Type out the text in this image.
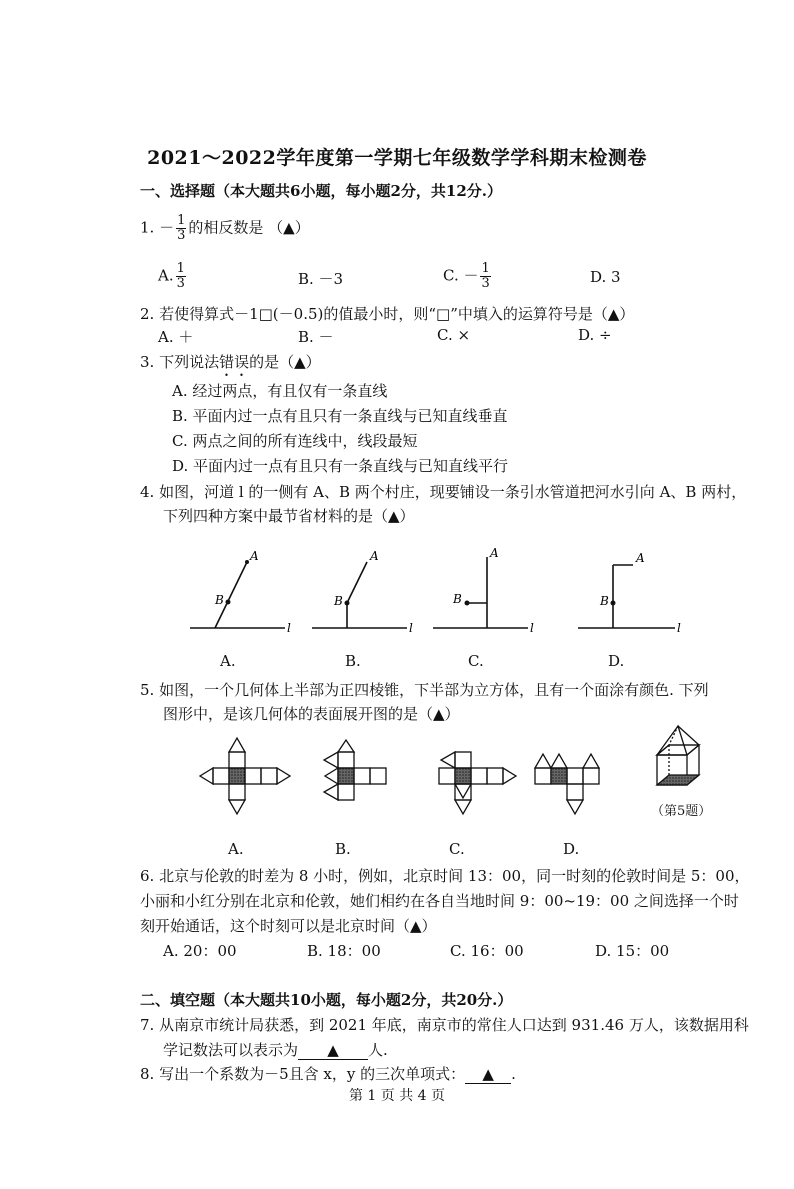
2021～2022学年度第一学期七年级数学学科期末检测卷
一、选择题（本大题共6小题，每小题2分，共12分.）
1. － $\frac{1}{3}$ 的相反数是 （▲）
A. $\frac{1}{3}$	B. －3	C. － $\frac{1}{3}$	D. 3
2. 若使得算式－1□(－0.5)的值最小时，则“□”中填入的运算符号是（▲）
A. ＋	B. －	C. ×	D. ÷
3. 下列说法错误的是（▲）
A. 经过两点，有且仅有一条直线
B. 平面内过一点有且只有一条直线与已知直线垂直
C. 两点之间的所有连线中，线段最短
D. 平面内过一点有且只有一条直线与已知直线平行
4. 如图，河道 l 的一侧有 A、B 两个村庄，现要铺设一条引水管道把河水引向 A、B 两村，
下列四种方案中最节省材料的是（▲）
A
B
l
A
B
l
A
B
l
A
B
l
A.	B.	C.	D.
5. 如图，一个几何体上半部为正四棱锥，下半部为立方体，且有一个面涂有颜色. 下列
图形中，是该几何体的表面展开图的是（▲）
（第5题）
A.	B.	C.	D.
6. 北京与伦敦的时差为 8 小时，例如，北京时间 13：00，同一时刻的伦敦时间是 5：00，
小丽和小红分别在北京和伦敦，她们相约在各自当地时间 9：00~19：00 之间选择一个时
刻开始通话，这个时刻可以是北京时间（▲）
A. 20：00	B. 18：00	C. 16：00	D. 15：00
二、填空题（本大题共10小题，每小题2分，共20分.）
7. 从南京市统计局获悉，到 2021 年底，南京市的常住人口达到 931.46 万人，该数据用科
学记数法可以表示为 ▲ 人.
8. 写出一个系数为－5且含 x，y 的三次单项式： ▲ .
第 1 页 共 4 页
